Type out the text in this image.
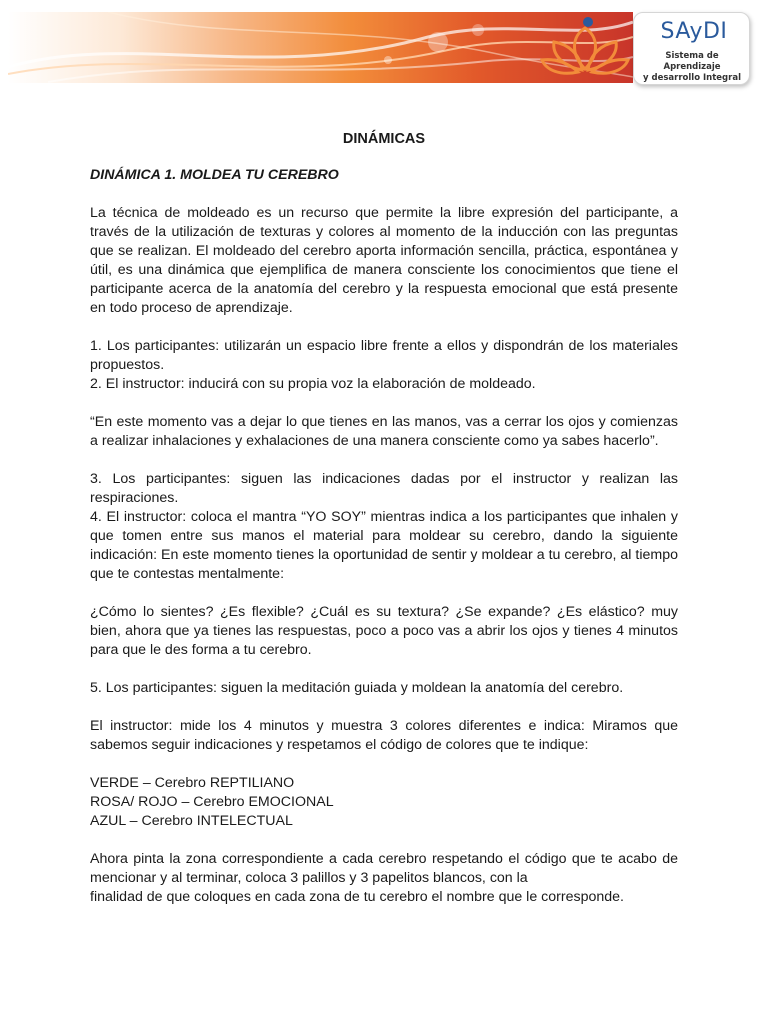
SAyDI
Sistema de Aprendizaje
y desarrollo Integral
DINÁMICAS
DINÁMICA 1. MOLDEA TU CEREBRO

La técnica de moldeado es un recurso que permite la libre expresión del participante, a través de la utilización de texturas y colores al momento de la inducción con las preguntas que se realizan. El moldeado del cerebro aporta información sencilla, práctica, espontánea y útil, es una dinámica que ejemplifica de manera consciente los conocimientos que tiene el participante acerca de la anatomía del cerebro y la respuesta emocional que está presente en todo proceso de aprendizaje.

1. Los participantes: utilizarán un espacio libre frente a ellos y dispondrán de los materiales propuestos.

2. El instructor: inducirá con su propia voz la elaboración de moldeado.

“En este momento vas a dejar lo que tienes en las manos, vas a cerrar los ojos y comienzas a realizar inhalaciones y exhalaciones de una manera consciente como ya sabes hacerlo”.

3. Los participantes: siguen las indicaciones dadas por el instructor y realizan las respiraciones.

4. El instructor: coloca el mantra “YO SOY” mientras indica a los participantes que inhalen y que tomen entre sus manos el material para moldear su cerebro, dando la siguiente indicación: En este momento tienes la oportunidad de sentir y moldear a tu cerebro, al tiempo que te contestas mentalmente:

¿Cómo lo sientes? ¿Es flexible? ¿Cuál es su textura? ¿Se expande? ¿Es elástico? muy bien, ahora que ya tienes las respuestas, poco a poco vas a abrir los ojos y tienes 4 minutos para que le des forma a tu cerebro.

5. Los participantes: siguen la meditación guiada y moldean la anatomía del cerebro.

El instructor: mide los 4 minutos y muestra 3 colores diferentes e indica: Miramos que sabemos seguir indicaciones y respetamos el código de colores que te indique:

VERDE – Cerebro REPTILIANO

ROSA/ ROJO – Cerebro EMOCIONAL

AZUL – Cerebro INTELECTUAL

Ahora pinta la zona correspondiente a cada cerebro respetando el código que te acabo de mencionar y al terminar, coloca 3 palillos y 3 papelitos blancos, con la

finalidad de que coloques en cada zona de tu cerebro el nombre que le corresponde.
